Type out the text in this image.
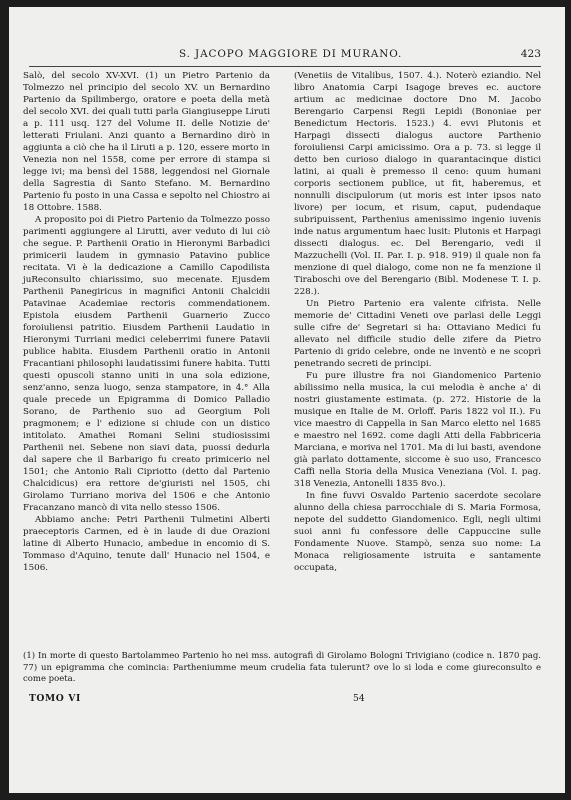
S. JACOPO MAGGIORE DI MURANO.	423

Salò, del secolo XV-XVI. (1) un Pietro Partenio da Tolmezzo nel principio del secolo XV. un Bernardino Partenio da Spilimbergo, oratore e poeta della metà del secolo XVI. dei quali tutti parla Giangiuseppe Liruti a p. 111 usq. 127 del Volume II. delle Notizie de' letterati Friulani. Anzi quanto a Bernardino dirò in aggiunta a ciò che ha il Liruti a p. 120, essere morto in Venezia non nel 1558, come per errore di stampa si legge ivi; ma bensì del 1588, leggendosi nel Giornale della Sagrestia di Santo Stefano. M. Bernardino Partenio fu posto in una Cassa e sepolto nel Chiostro ai 18 Ottobre. 1588.

A proposito poi di Pietro Partenio da Tolmezzo posso parimenti aggiungere al Lirutti, aver veduto di lui ciò che segue. P. Parthenii Oratio in Hieronymi Barbadici primicerii laudem in gymnasio Patavino publice recitata. Vi è la dedicazione a Camillo Capodilista juReconsulto chiarissimo, suo mecenate. Ejusdem Parthenii Panegiricus in magnifici Antonii Chalcidii Patavinae Academiae rectoris commendationem. Epistola eiusdem Parthenii Guarnerio Zucco foroiuliensi patritio. Eiusdem Parthenii Laudatio in Hieronymi Turriani medici celeberrimi funere Patavii publice habita. Eiusdem Parthenii oratio in Antonii Fracantiani philosophi laudatissimi funere habita. Tutti questi opuscoli stanno uniti in una sola edizione, senz'anno, senza luogo, senza stampatore, in 4.° Alla quale precede un Epigramma di Domico Palladio Sorano, de Parthenio suo ad Georgium Poli pragmonem; e l' edizione si chiude con un distico intitolato. Amathei Romani Selini studiosissimi Parthenii nei. Sebene non siavi data, puossi dedurla dal sapere che il Barbarigo fu creato primicerio nel 1501; che Antonio Rali Cipriotto (detto dal Partenio Chalcidicus) era rettore de'giuristi nel 1505, chi Girolamo Turriano moriva del 1506 e che Antonio Fracanzano mancò di vita nello stesso 1506.

Abbiamo anche: Petri Parthenii Tulmetini Alberti praeceptoris Carmen, ed è in laude di due Orazioni latine di Alberto Hunacio, ambedue in encomio di S. Tommaso d'Aquino, tenute dall' Hunacio nel 1504, e 1506.

(Venetiis de Vitalibus, 1507. 4.). Noterò eziandio. Nel libro Anatomia Carpi Isagoge breves ec. auctore artium ac medicinae doctore Dno M. Jacobo Berengario Carpensi Regii Lepidi (Bononiae per Benedictum Hectoris. 1523.) 4. evvi Plutonis et Harpagi dissecti dialogus auctore Parthenio foroiuliensi Carpi amicissimo. Ora a p. 73. si legge il detto ben curioso dialogo in quarantacinque distici latini, ai quali è premesso il ceno: quum humani corporis sectionem publice, ut fit, haberemus, et nonnulli discipulorum (ut moris est inter ipsos nato livore) per iocum, et risum, caput, pudendaque subripuissent, Parthenius amenissimo ingenio iuvenis inde natus argumentum haec lusit: Plutonis et Harpagi dissecti dialogus. ec. Del Berengario, vedi il Mazzuchelli (Vol. II. Par. I. p. 918. 919) il quale non fa menzione di quel dialogo, come non ne fa menzione il Tiraboschi ove del Berengario (Bibl. Modenese T. I. p. 228.).

Un Pietro Partenio era valente cifrista. Nelle memorie de' Cittadini Veneti ove parlasi delle Leggi sulle cifre de' Segretari si ha: Ottaviano Medici fu allevato nel difficile studio delle zifere da Pietro Partenio di grido celebre, onde ne inventò e ne scoprì penetrando secreti de principi.

Fu pure illustre fra noi Giandomenico Partenio abilissimo nella musica, la cui melodia è anche a' di nostri giustamente estimata. (p. 272. Historie de la musique en Italie de M. Orloff. Paris 1822 vol II.). Fu vice maestro di Cappella in San Marco eletto nel 1685 e maestro nel 1692. come dagli Atti della Fabbriceria Marciana, e moriva nel 1701. Ma di lui basti, avendone già parlato dottamente, siccome è suo uso, Francesco Caffi nella Storia della Musica Veneziana (Vol. I. pag. 318 Venezia, Antonelli 1835 8vo.).

In fine fuvvi Osvaldo Partenio sacerdote secolare alunno della chiesa parrocchiale di S. Maria Formosa, nepote del suddetto Giandomenico. Egli, negli ultimi suoi anni fu confessore delle Cappuccine sulle Fondamente Nuove. Stampò, senza suo nome: La Monaca religiosamente istruita e santamente occupata,

(1) In morte di questo Bartolammeo Partenio ho nei mss. autografi di Girolamo Bologni Trivigiano (codice n. 1870 pag. 77) un epigramma che comincia: Partheniumme meum crudelia fata tulerunt? ove lo si loda e come giureconsulto e come poeta.
TOMO VI	54
